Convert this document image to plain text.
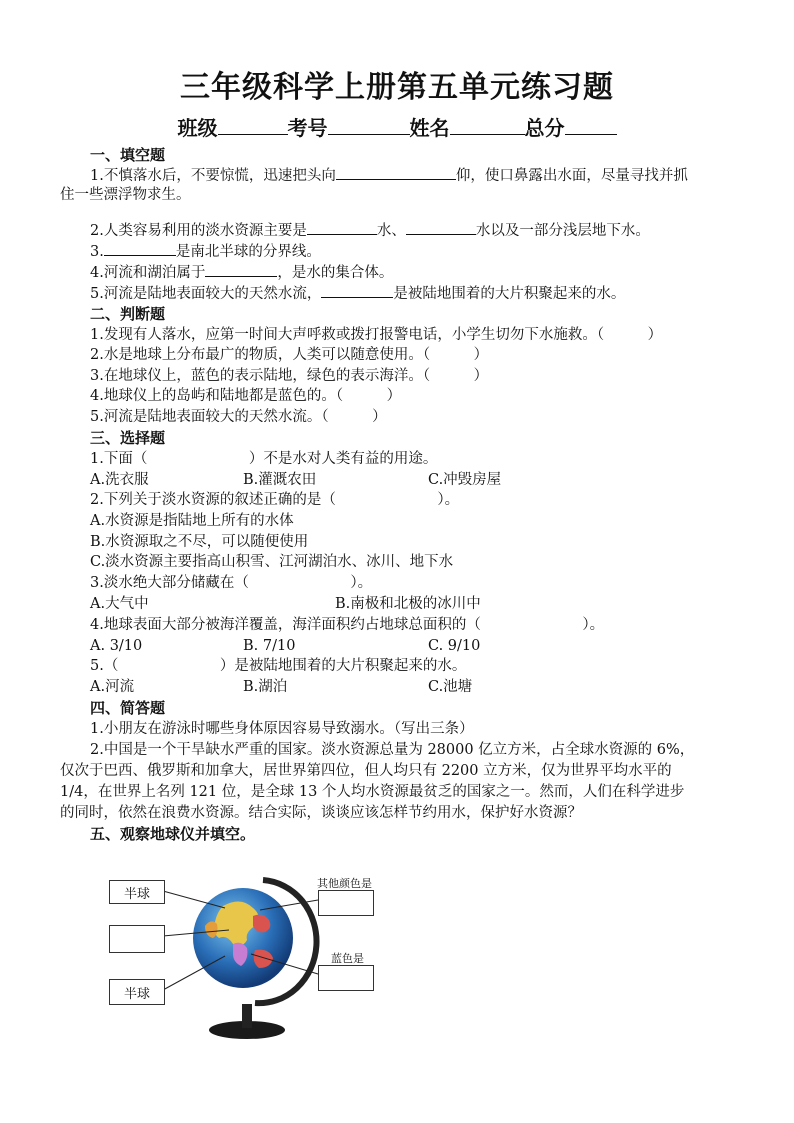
三年级科学上册第五单元练习题
班级	考号	姓名	总分
一、填空题
1.不慎落水后，不要惊慌，迅速把头向	仰，使口鼻露出水面，尽量寻找并抓
住一些漂浮物求生。
2.人类容易利用的淡水资源主要是	水、	水以及一部分浅层地下水。
3.	是南北半球的分界线。
4.河流和湖泊属于	，是水的集合体。
5.河流是陆地表面较大的天然水流，	是被陆地围着的大片积聚起来的水。
二、判断题
1.发现有人落水，应第一时间大声呼救或拨打报警电话，小学生切勿下水施救。（　　　）
2.水是地球上分布最广的物质，人类可以随意使用。（　　　）
3.在地球仪上，蓝色的表示陆地，绿色的表示海洋。（　　　）
4.地球仪上的岛屿和陆地都是蓝色的。（　　　）
5.河流是陆地表面较大的天然水流。（　　　）
三、选择题
1.下面（　　　　　　　）不是水对人类有益的用途。
A.洗衣服	B.灌溉农田	C.冲毁房屋
2.下列关于淡水资源的叙述正确的是（　　　　　　　）。
A.水资源是指陆地上所有的水体
B.水资源取之不尽，可以随便使用
C.淡水资源主要指高山积雪、江河湖泊水、冰川、地下水
3.淡水绝大部分储藏在（　　　　　　　）。
A.大气中	B.南极和北极的冰川中
4.地球表面大部分被海洋覆盖，海洋面积约占地球总面积的（　　　　　　　）。
A. 3/10	B. 7/10	C. 9/10
5.（　　　　　　　）是被陆地围着的大片积聚起来的水。
A.河流	B.湖泊	C.池塘
四、简答题
1.小朋友在游泳时哪些身体原因容易导致溺水。（写出三条）
2.中国是一个干旱缺水严重的国家。淡水资源总量为 28000 亿立方米，占全球水资源的 6%，
仅次于巴西、俄罗斯和加拿大，居世界第四位，但人均只有 2200 立方米，仅为世界平均水平的
1/4，在世界上名列 121 位，是全球 13 个人均水资源最贫乏的国家之一。然而，人们在科学进步
的同时，依然在浪费水资源。结合实际，谈谈应该怎样节约用水，保护好水资源？
五、观察地球仪并填空。
半球
半球
其他颜色是
蓝色是
